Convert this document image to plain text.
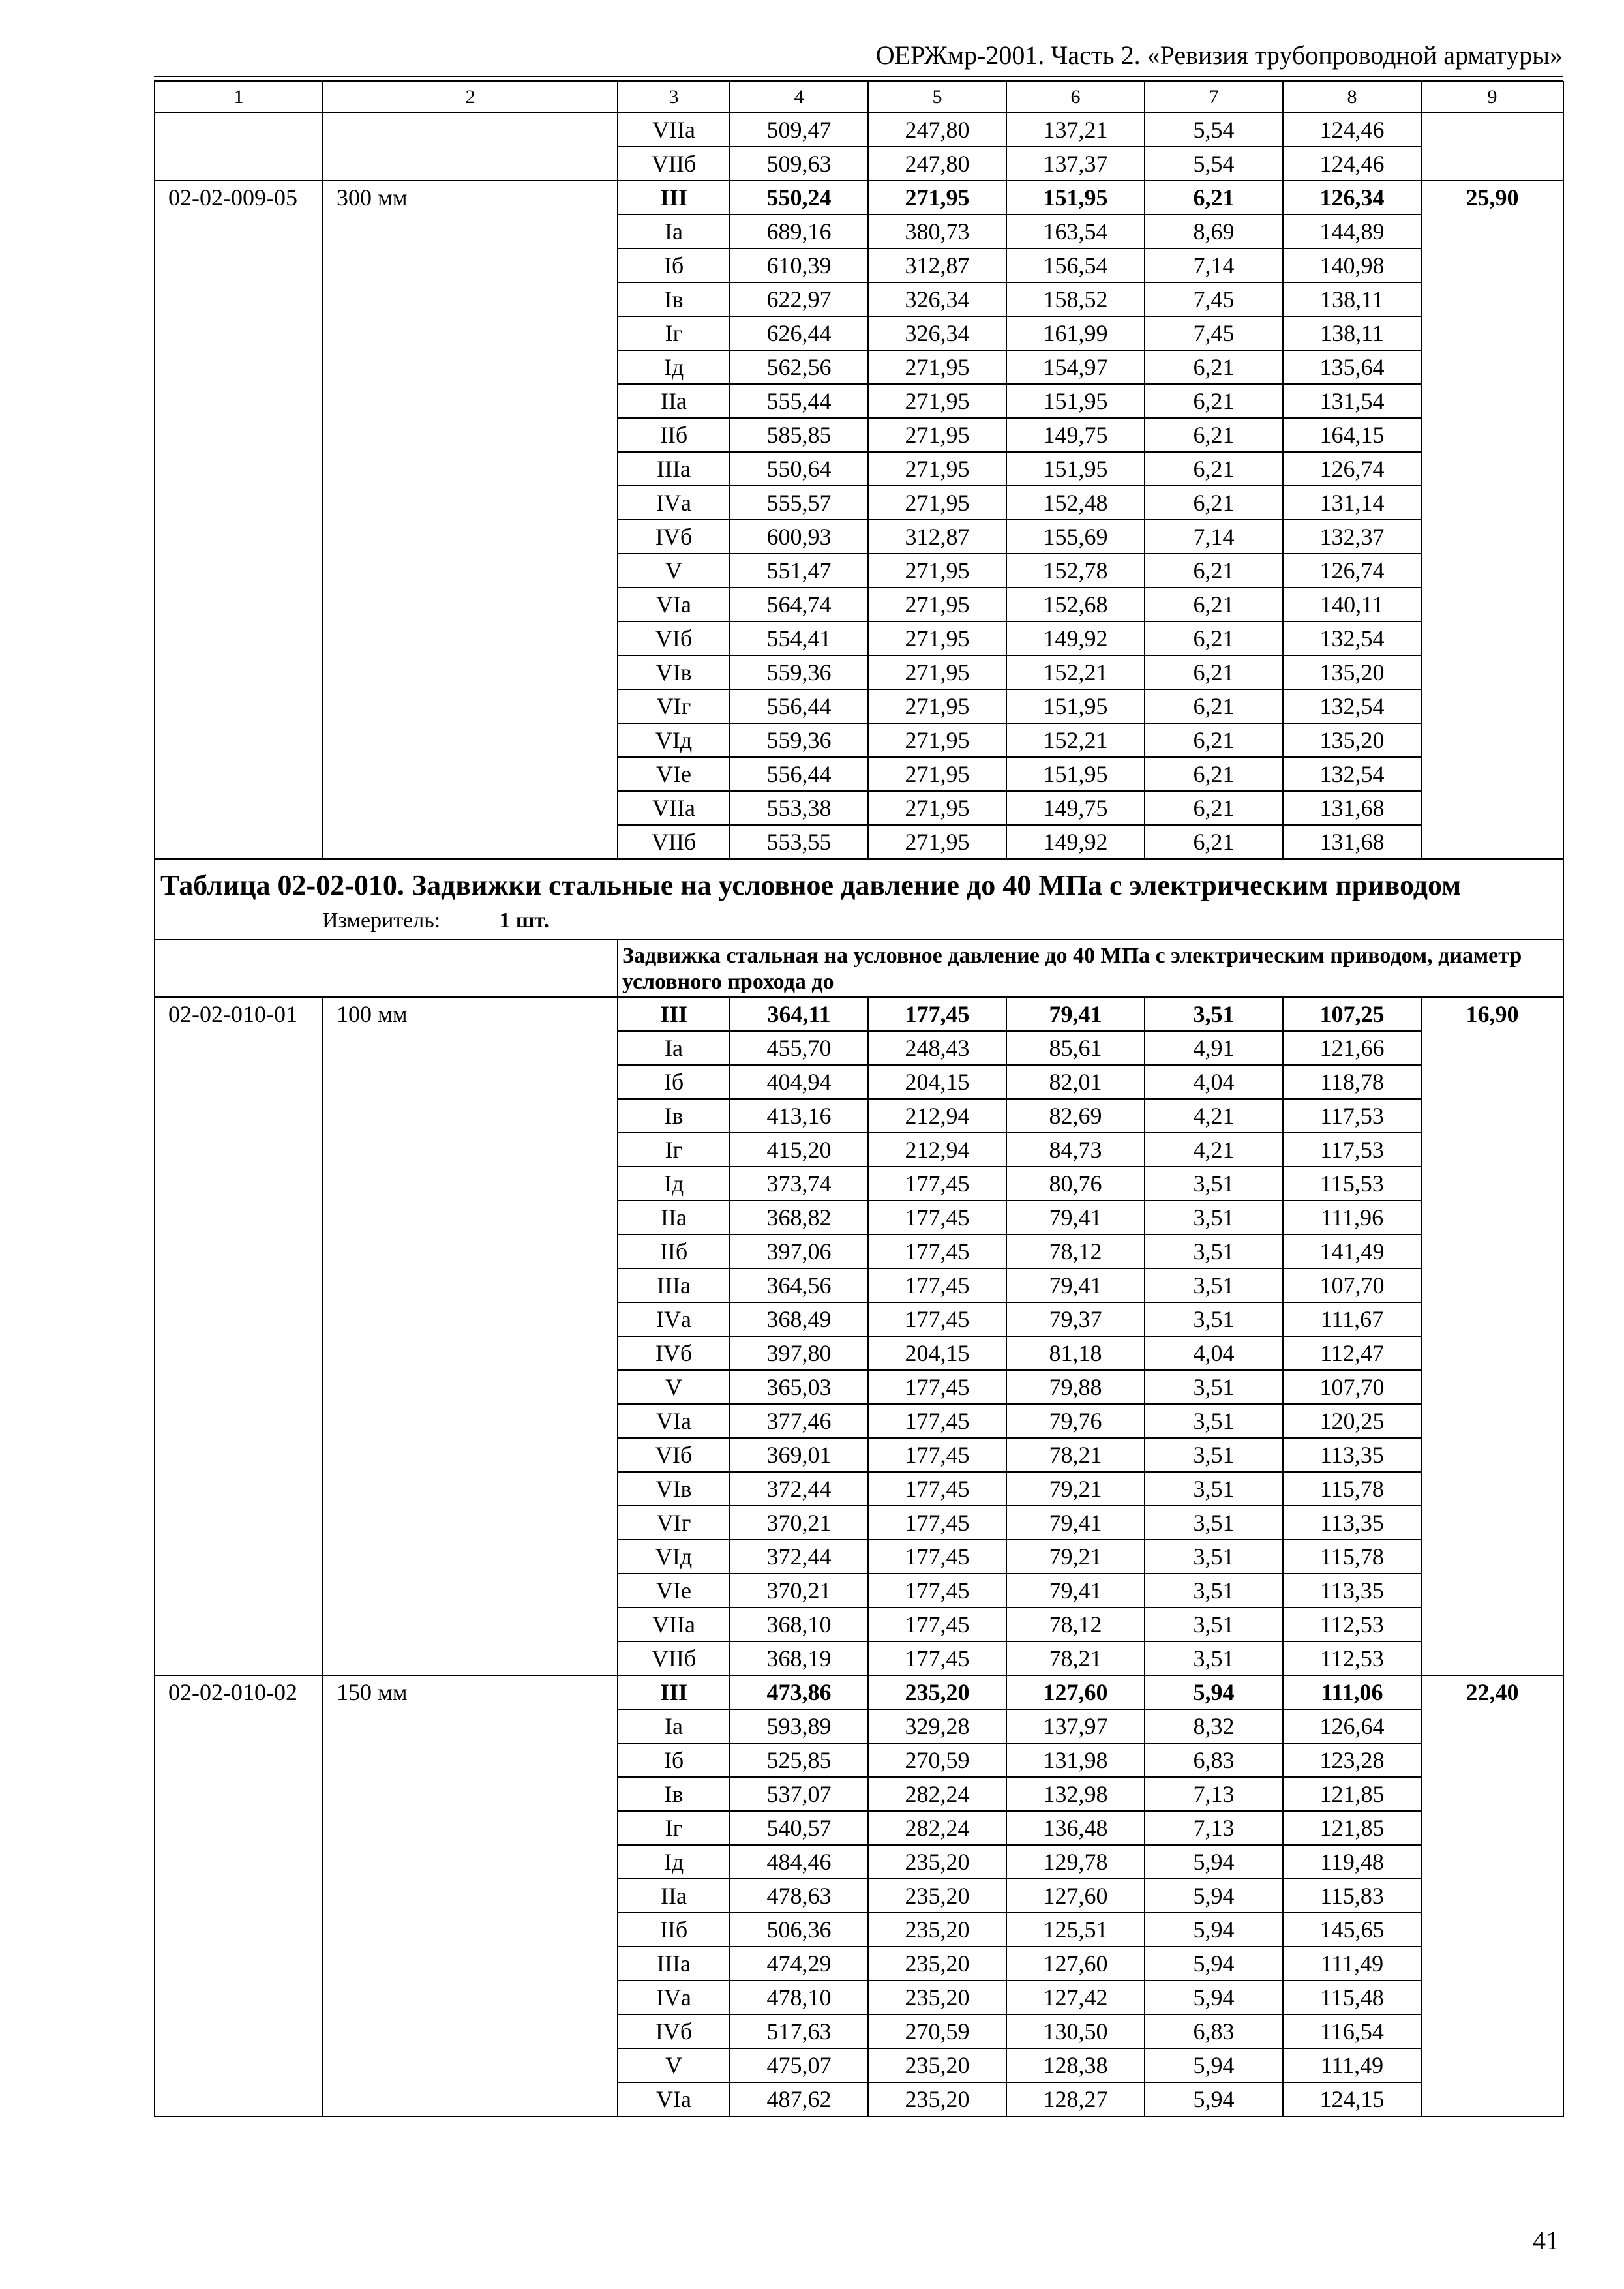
ОЕРЖмр-2001. Часть 2. «Ревизия трубопроводной арматуры»
1	2	3	4	5	6	7	8	9
		VIIа	509,47	247,80	137,21	5,54	124,46	
		VIIб	509,63	247,80	137,37	5,54	124,46	
02-02-009-05	300 мм	III	550,24	271,95	151,95	6,21	126,34	25,90
		Iа	689,16	380,73	163,54	8,69	144,89	
		Iб	610,39	312,87	156,54	7,14	140,98	
		Iв	622,97	326,34	158,52	7,45	138,11	
		Iг	626,44	326,34	161,99	7,45	138,11	
		Iд	562,56	271,95	154,97	6,21	135,64	
		IIа	555,44	271,95	151,95	6,21	131,54	
		IIб	585,85	271,95	149,75	6,21	164,15	
		IIIа	550,64	271,95	151,95	6,21	126,74	
		IVа	555,57	271,95	152,48	6,21	131,14	
		IVб	600,93	312,87	155,69	7,14	132,37	
		V	551,47	271,95	152,78	6,21	126,74	
		VIа	564,74	271,95	152,68	6,21	140,11	
		VIб	554,41	271,95	149,92	6,21	132,54	
		VIв	559,36	271,95	152,21	6,21	135,20	
		VIг	556,44	271,95	151,95	6,21	132,54	
		VIд	559,36	271,95	152,21	6,21	135,20	
		VIе	556,44	271,95	151,95	6,21	132,54	
		VIIа	553,38	271,95	149,75	6,21	131,68	
		VIIб	553,55	271,95	149,92	6,21	131,68	

Таблица 02-02-010. Задвижки стальные на условное давление до 40 МПа с электрическим приводом
Измеритель: 1 шт.								

		Задвижка стальная на условное давление до 40 МПа с электрическим приводом, диаметр условного прохода до						
02-02-010-01	100 мм	III	364,11	177,45	79,41	3,51	107,25	16,90
		Iа	455,70	248,43	85,61	4,91	121,66	
		Iб	404,94	204,15	82,01	4,04	118,78	
		Iв	413,16	212,94	82,69	4,21	117,53	
		Iг	415,20	212,94	84,73	4,21	117,53	
		Iд	373,74	177,45	80,76	3,51	115,53	
		IIа	368,82	177,45	79,41	3,51	111,96	
		IIб	397,06	177,45	78,12	3,51	141,49	
		IIIа	364,56	177,45	79,41	3,51	107,70	
		IVа	368,49	177,45	79,37	3,51	111,67	
		IVб	397,80	204,15	81,18	4,04	112,47	
		V	365,03	177,45	79,88	3,51	107,70	
		VIа	377,46	177,45	79,76	3,51	120,25	
		VIб	369,01	177,45	78,21	3,51	113,35	
		VIв	372,44	177,45	79,21	3,51	115,78	
		VIг	370,21	177,45	79,41	3,51	113,35	
		VIд	372,44	177,45	79,21	3,51	115,78	
		VIе	370,21	177,45	79,41	3,51	113,35	
		VIIа	368,10	177,45	78,12	3,51	112,53	
		VIIб	368,19	177,45	78,21	3,51	112,53	
02-02-010-02	150 мм	III	473,86	235,20	127,60	5,94	111,06	22,40
		Iа	593,89	329,28	137,97	8,32	126,64	
		Iб	525,85	270,59	131,98	6,83	123,28	
		Iв	537,07	282,24	132,98	7,13	121,85	
		Iг	540,57	282,24	136,48	7,13	121,85	
		Iд	484,46	235,20	129,78	5,94	119,48	
		IIа	478,63	235,20	127,60	5,94	115,83	
		IIб	506,36	235,20	125,51	5,94	145,65	
		IIIа	474,29	235,20	127,60	5,94	111,49	
		IVа	478,10	235,20	127,42	5,94	115,48	
		IVб	517,63	270,59	130,50	6,83	116,54	
		V	475,07	235,20	128,38	5,94	111,49	
		VIа	487,62	235,20	128,27	5,94	124,15	
41
